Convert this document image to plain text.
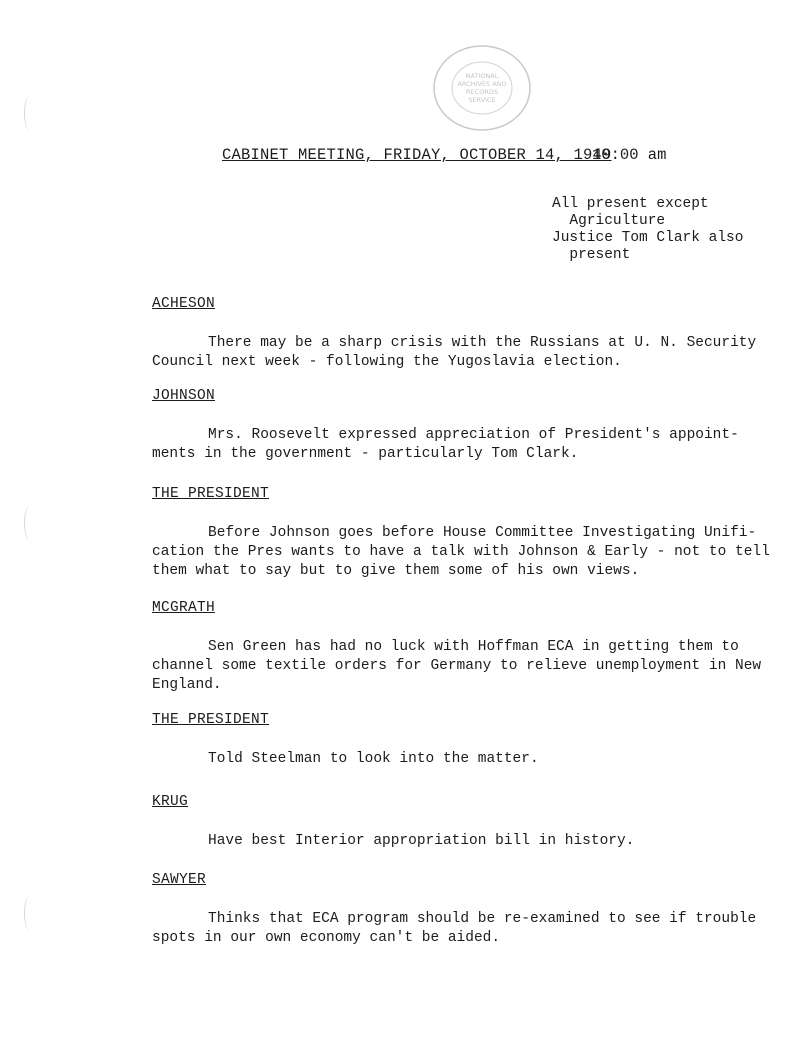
NATIONAL
ARCHIVES AND
RECORDS
SERVICE
CABINET MEETING, FRIDAY, OCTOBER 14, 1949
10:00 am
All present except
Agriculture
Justice Tom Clark also
present
ACHESON
There may be a sharp crisis with the Russians at U. N. Security
Council next week - following the Yugoslavia election.
JOHNSON
Mrs. Roosevelt expressed appreciation of President's appoint-
ments in the government - particularly Tom Clark.
THE PRESIDENT
Before Johnson goes before House Committee Investigating Unifi-
cation the Pres wants to have a talk with Johnson & Early - not to tell
them what to say but to give them some of his own views.
MCGRATH
Sen Green has had no luck with Hoffman ECA in getting them to
channel some textile orders for Germany to relieve unemployment in New
England.
THE PRESIDENT
Told Steelman to look into the matter.
KRUG
Have best Interior appropriation bill in history.
SAWYER
Thinks that ECA program should be re-examined to see if trouble
spots in our own economy can't be aided.
